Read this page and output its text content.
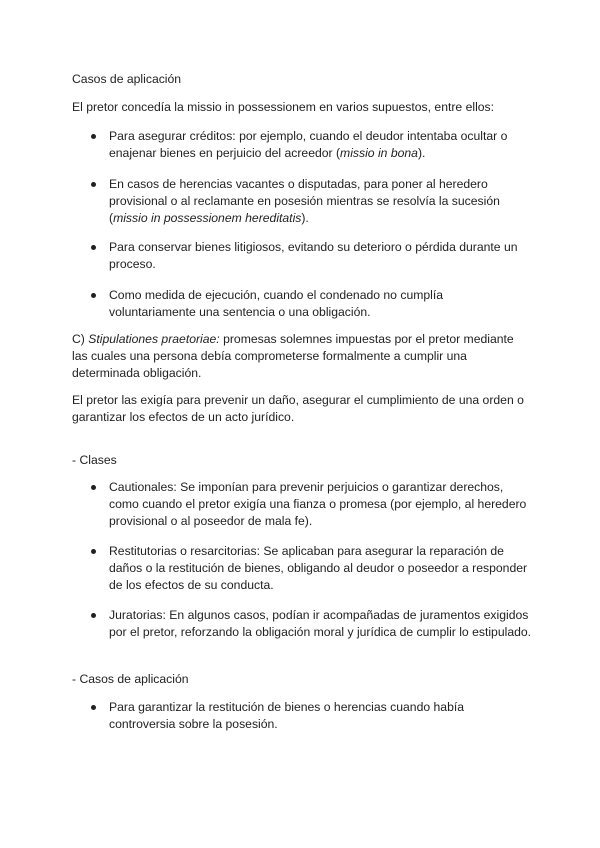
Casos de aplicación

El pretor concedía la missio in possessionem en varios supuestos, entre ellos:

Para asegurar créditos: por ejemplo, cuando el deudor intentaba ocultar o enajenar bienes en perjuicio del acreedor (missio in bona).
En casos de herencias vacantes o disputadas, para poner al heredero provisional o al reclamante en posesión mientras se resolvía la sucesión (missio in possessionem hereditatis).
Para conservar bienes litigiosos, evitando su deterioro o pérdida durante un proceso.
Como medida de ejecución, cuando el condenado no cumplía voluntariamente una sentencia o una obligación.

C) Stipulationes praetoriae: promesas solemnes impuestas por el pretor mediante las cuales una persona debía comprometerse formalmente a cumplir una determinada obligación.

El pretor las exigía para prevenir un daño, asegurar el cumplimiento de una orden o garantizar los efectos de un acto jurídico.

- Clases

Cautionales: Se imponían para prevenir perjuicios o garantizar derechos, como cuando el pretor exigía una fianza o promesa (por ejemplo, al heredero provisional o al poseedor de mala fe).
Restitutorias o resarcitorias: Se aplicaban para asegurar la reparación de daños o la restitución de bienes, obligando al deudor o poseedor a responder de los efectos de su conducta.
Juratorias: En algunos casos, podían ir acompañadas de juramentos exigidos por el pretor, reforzando la obligación moral y jurídica de cumplir lo estipulado.

- Casos de aplicación

Para garantizar la restitución de bienes o herencias cuando había controversia sobre la posesión.
